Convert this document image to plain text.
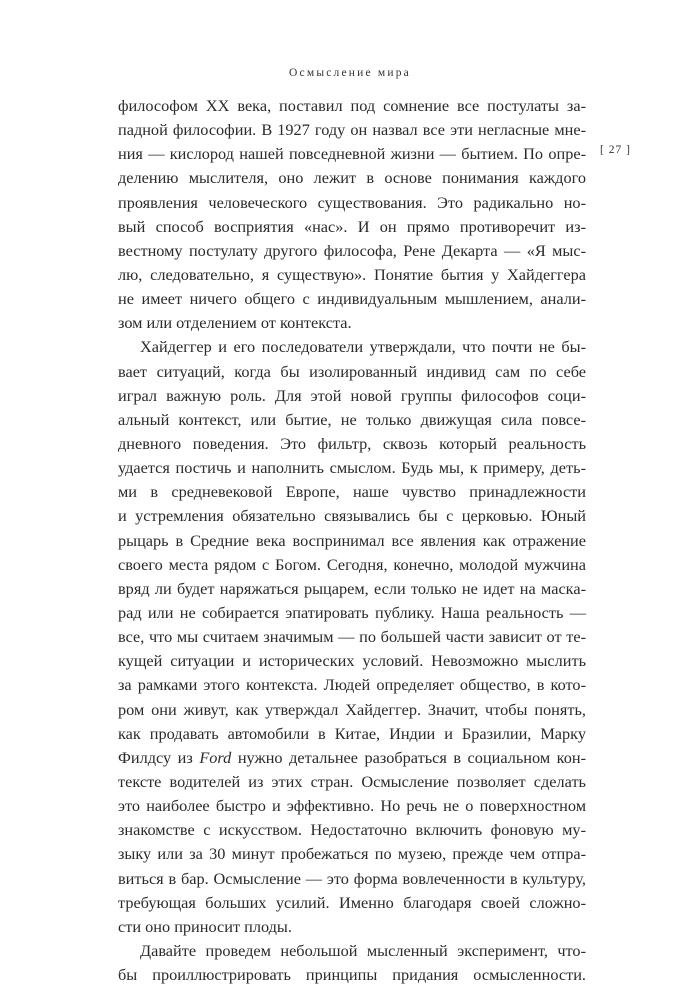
Осмысление мира
[ 27 ]
философом XX века, поставил под сомнение все постулаты за-
падной философии. В 1927 году он назвал все эти негласные мне-
ния — кислород нашей повседневной жизни — бытием. По опре-
делению мыслителя, оно лежит в основе понимания каждого
проявления человеческого существования. Это радикально но-
вый способ восприятия «нас». И он прямо противоречит из-
вестному постулату другого философа, Рене Декарта — «Я мыс-
лю, следовательно, я существую». Понятие бытия у Хайдеггера
не имеет ничего общего с индивидуальным мышлением, анали-
зом или отделением от контекста.
Хайдеггер и его последователи утверждали, что почти не бы-
вает ситуаций, когда бы изолированный индивид сам по себе
играл важную роль. Для этой новой группы философов соци-
альный контекст, или бытие, не только движущая сила повсе-
дневного поведения. Это фильтр, сквозь который реальность
удается постичь и наполнить смыслом. Будь мы, к примеру, деть-
ми в средневековой Европе, наше чувство принадлежности
и устремления обязательно связывались бы с церковью. Юный
рыцарь в Средние века воспринимал все явления как отражение
своего места рядом с Богом. Сегодня, конечно, молодой мужчина
вряд ли будет наряжаться рыцарем, если только не идет на маска-
рад или не собирается эпатировать публику. Наша реальность —
все, что мы считаем значимым — по большей части зависит от те-
кущей ситуации и исторических условий. Невозможно мыслить
за рамками этого контекста. Людей определяет общество, в кото-
ром они живут, как утверждал Хайдеггер. Значит, чтобы понять,
как продавать автомобили в Китае, Индии и Бразилии, Марку
Филдсу из Ford нужно детальнее разобраться в социальном кон-
тексте водителей из этих стран. Осмысление позволяет сделать
это наиболее быстро и эффективно. Но речь не о поверхностном
знакомстве с искусством. Недостаточно включить фоновую му-
зыку или за 30 минут пробежаться по музею, прежде чем отпра-
виться в бар. Осмысление — это форма вовлеченности в культуру,
требующая больших усилий. Именно благодаря своей сложно-
сти оно приносит плоды.
Давайте проведем небольшой мысленный эксперимент, что-
бы проиллюстрировать принципы придания осмысленности.
